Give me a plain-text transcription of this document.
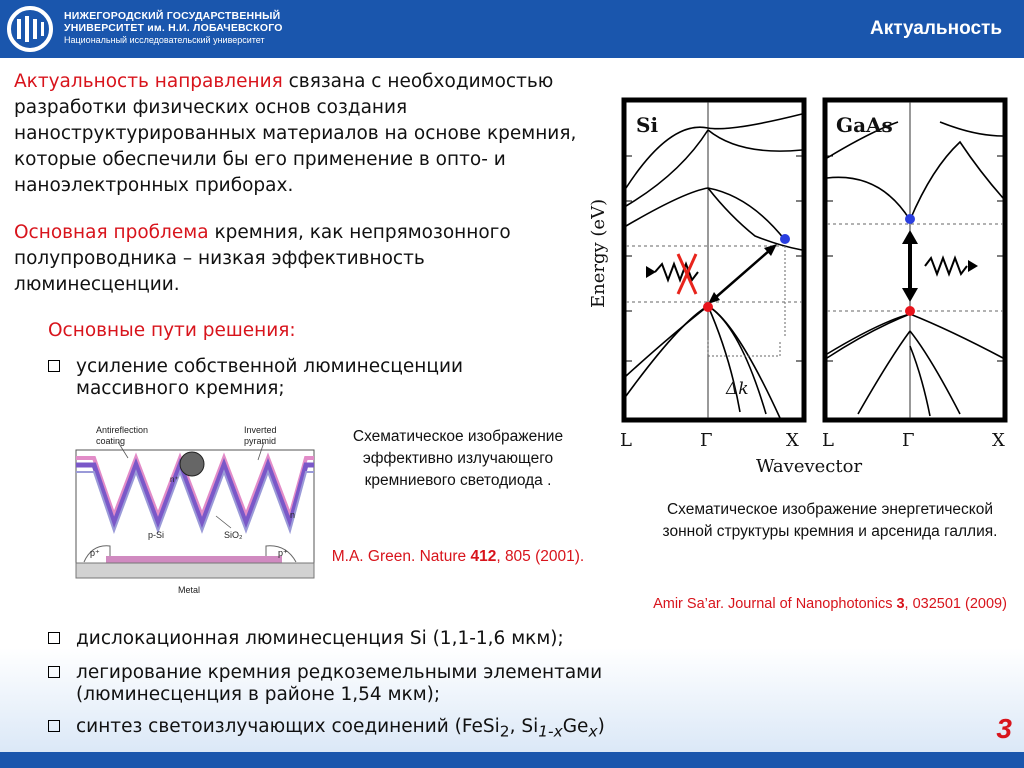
НИЖЕГОРОДСКИЙ ГОСУДАРСТВЕННЫЙ
УНИВЕРСИТЕТ им. Н.И. ЛОБАЧЕВСКОГО
Национальный исследовательский университет
Актуальность
Актуальность направления связана с необходимостью разработки физических основ создания наноструктурированных материалов на основе кремния, которые обеспечили бы его применение в опто- и наноэлектронных приборах.
Основная проблема кремния, как непрямозонного полупроводника – низкая эффективность люминесценции.
Основные пути решения:
усиление собственной люминесценции массивного кремния;
Antireflection
coating
Inverted
pyramid
n⁺
n
p-Si	SiO₂
p⁺	p⁺
Metal
Схематическое изображение эффективно излучающего кремниевого светодиода .
M.A. Green. Nature 412, 805 (2001).
Energy (eV)
Δk
Si
L	Γ	X
GaAs
L	Γ	X
Wavevector
Схематическое изображение энергетической зонной структуры кремния и арсенида галлия.
Amir Sa’ar. Journal of Nanophotonics 3, 032501 (2009)
дислокационная люминесценция Si (1,1-1,6 мкм);
легирование кремния редкоземельными элементами (люминесценция в районе 1,54 мкм);
синтез светоизлучающих соединений (FeSi$_2$, $Si_{1-x}Ge_x$)	3
